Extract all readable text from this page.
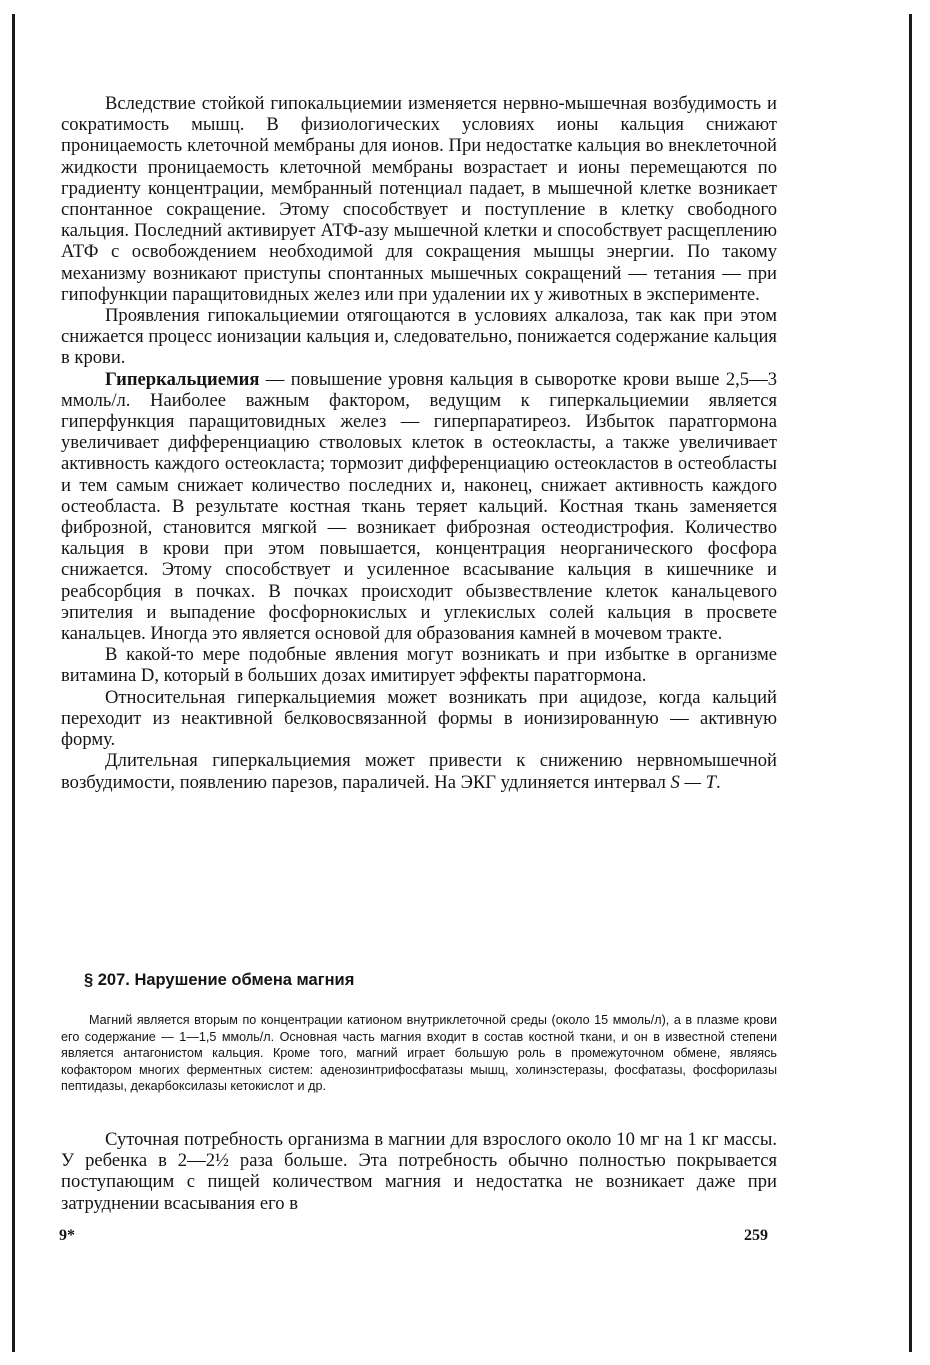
Вследствие стойкой гипокальциемии изменяется нервно-мышечная возбудимость и сократимость мышц. В физиологических условиях ионы кальция снижают проницаемость клеточной мембраны для ионов. При недостатке кальция во внеклеточной жидкости проницаемость клеточной мембраны возрастает и ионы перемещаются по градиенту концентрации, мембранный потенциал падает, в мышечной клетке возникает спонтанное сокращение. Этому способствует и поступление в клетку свободного кальция. Последний активирует АТФ-азу мышечной клетки и способствует расщеплению АТФ с освобождением необходимой для сокращения мышцы энергии. По такому механизму возникают приступы спонтанных мышечных сокращений — тетания — при гипофункции паращитовидных желез или при удалении их у животных в эксперименте.

Проявления гипокальциемии отягощаются в условиях алкалоза, так как при этом снижается процесс ионизации кальция и, следовательно, понижается содержание кальция в крови.

Гиперкальциемия — повышение уровня кальция в сыворотке крови выше 2,5—3 ммоль/л. Наиболее важным фактором, ведущим к гиперкальциемии является гиперфункция паращитовидных желез — гиперпаратиреоз. Избыток паратгормона увеличивает дифференциацию стволовых клеток в остеокласты, а также увеличивает активность каждого остеокласта; тормозит дифференциацию остеокластов в остеобласты и тем самым снижает количество последних и, наконец, снижает активность каждого остеобласта. В результате костная ткань теряет кальций. Костная ткань заменяется фиброзной, становится мягкой — возникает фиброзная остеодистрофия. Количество кальция в крови при этом повышается, концентрация неорганического фосфора снижается. Этому способствует и усиленное всасывание кальция в кишечнике и реабсорбция в почках. В почках происходит обызвествление клеток канальцевого эпителия и выпадение фосфорнокислых и углекислых солей кальция в просвете канальцев. Иногда это является основой для образования камней в мочевом тракте.

В какой-то мере подобные явления могут возникать и при избытке в организме витамина D, который в больших дозах имитирует эффекты паратгормона.

Относительная гиперкальциемия может возникать при ацидозе, когда кальций переходит из неактивной белковосвязанной формы в ионизированную — активную форму.

Длительная гиперкальциемия может привести к снижению нервномышечной возбудимости, появлению парезов, параличей. На ЭКГ удлиняется интервал S — T.

§ 207. Нарушение обмена магния

Магний является вторым по концентрации катионом внутриклеточной среды (около 15 ммоль/л), а в плазме крови его содержание — 1—1,5 ммоль/л. Основная часть магния входит в состав костной ткани, и он в известной степени является антагонистом кальция. Кроме того, магний играет большую роль в промежуточном обмене, являясь кофактором многих ферментных систем: аденозинтрифосфатазы мышц, холинэстеразы, фосфатазы, фосфорилазы пептидазы, декарбоксилазы кетокислот и др.

Суточная потребность организма в магнии для взрослого около 10 мг на 1 кг массы. У ребенка в 2—2½ раза больше. Эта потребность обычно полностью покрывается поступающим с пищей количеством магния и недостатка не возникает даже при затруднении всасывания его в

9*	259
